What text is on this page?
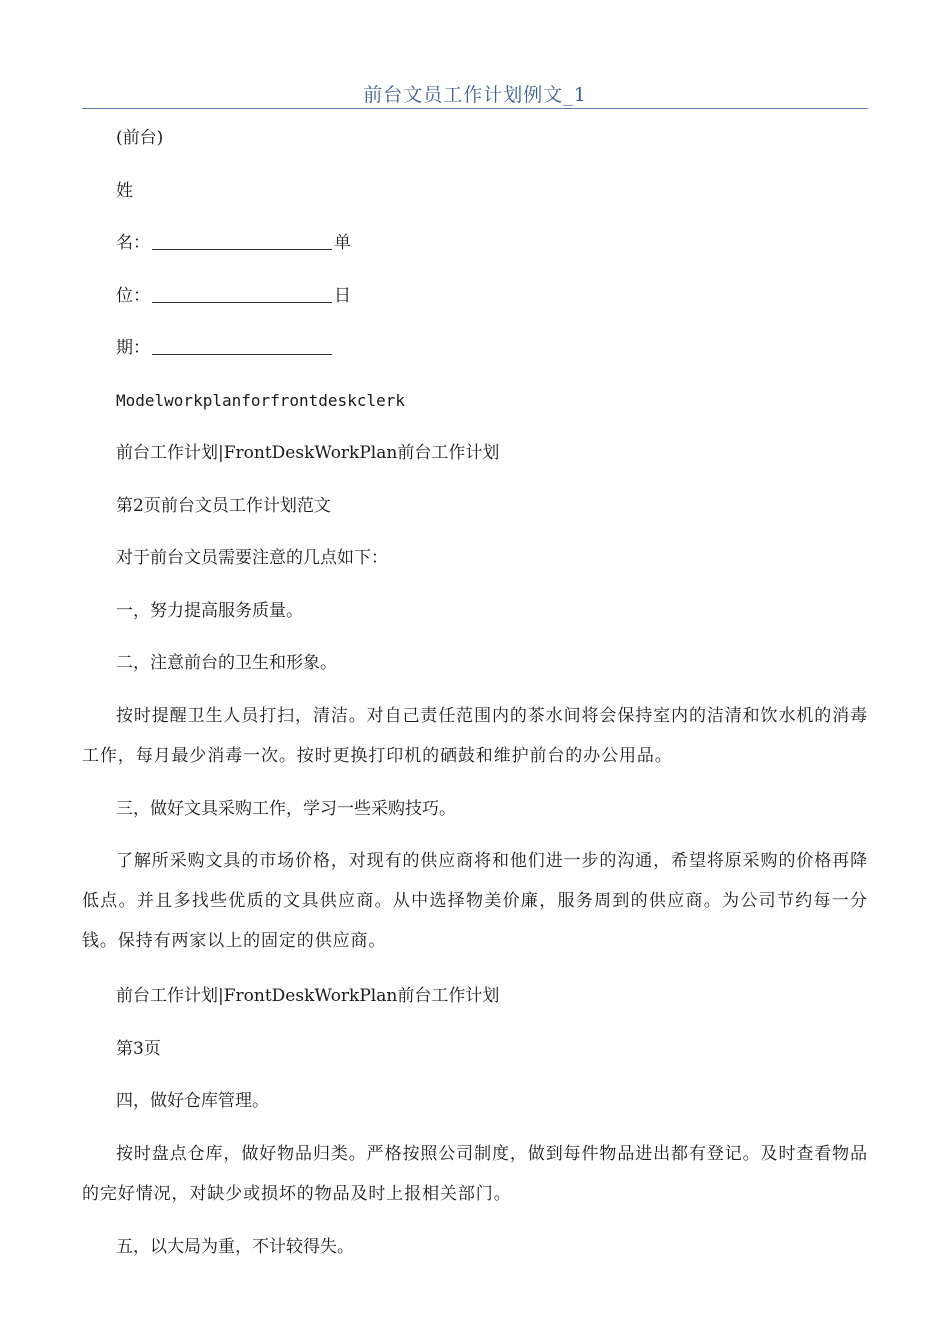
前台文员工作计划例文_1

(前台)

姓

名：	单

位：	日

期：

Modelworkplanforfrontdeskclerk

前台工作计划|FrontDeskWorkPlan前台工作计划

第2页前台文员工作计划范文

对于前台文员需要注意的几点如下：

一，努力提高服务质量。

二，注意前台的卫生和形象。

按时提醒卫生人员打扫，清洁。对自己责任范围内的茶水间将会保持室内的洁清和饮水机的消毒工作，每月最少消毒一次。按时更换打印机的硒鼓和维护前台的办公用品。

三，做好文具采购工作，学习一些采购技巧。

了解所采购文具的市场价格，对现有的供应商将和他们进一步的沟通，希望将原采购的价格再降低点。并且多找些优质的文具供应商。从中选择物美价廉，服务周到的供应商。为公司节约每一分钱。保持有两家以上的固定的供应商。

前台工作计划|FrontDeskWorkPlan前台工作计划

第3页

四，做好仓库管理。

按时盘点仓库，做好物品归类。严格按照公司制度，做到每件物品进出都有登记。及时查看物品的完好情况，对缺少或损坏的物品及时上报相关部门。

五，以大局为重，不计较得失。
